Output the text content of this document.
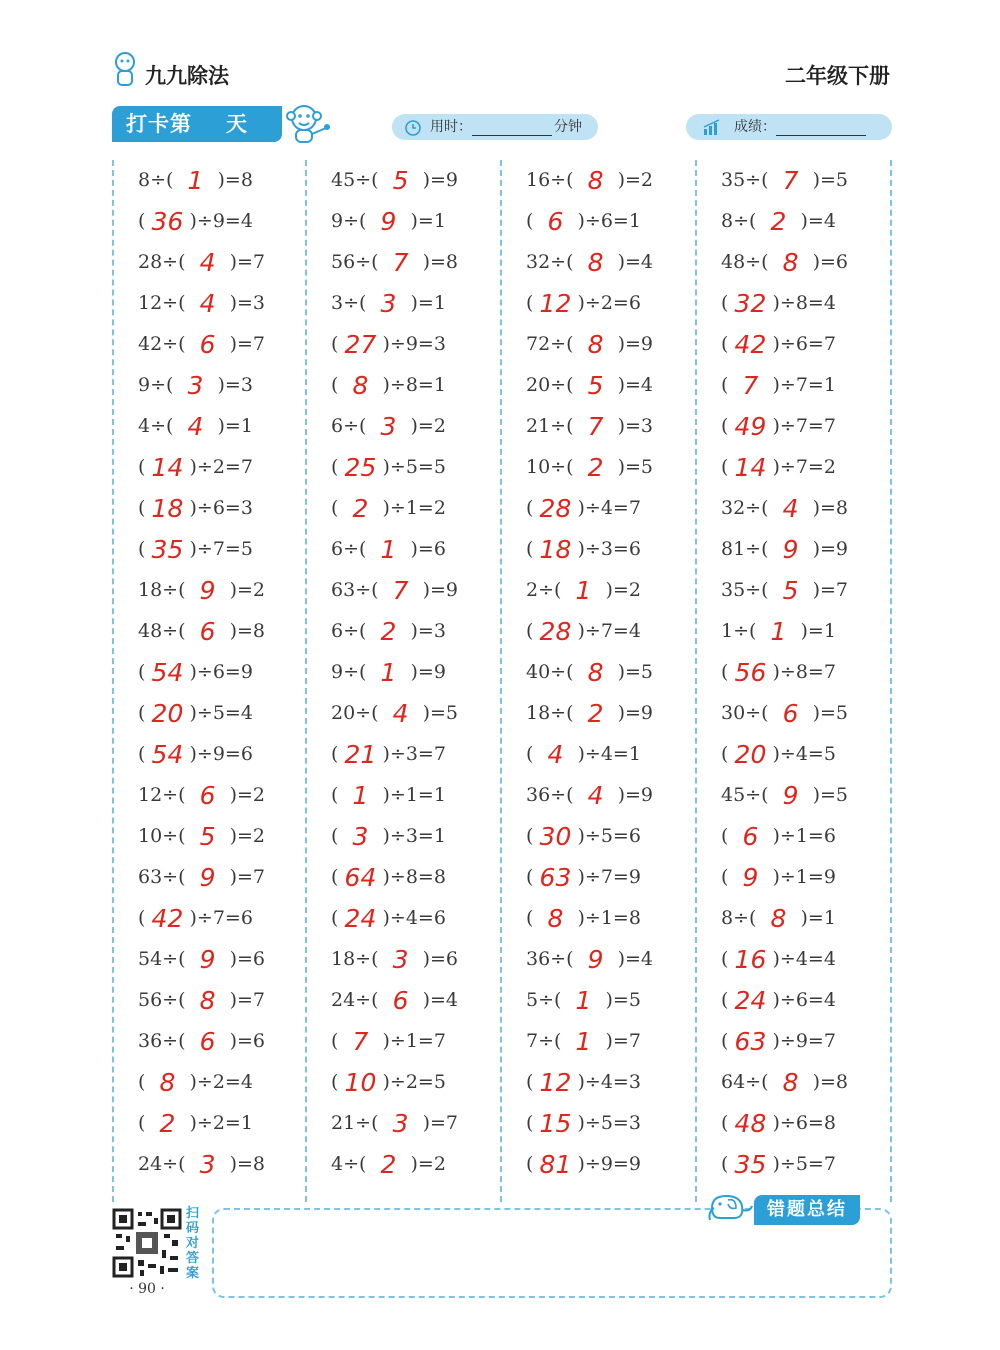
九九除法	二年级下册
打卡第 天	用时：	分钟	成绩：
8÷( 1 )=8
( 36 )÷9=4
28÷( 4 )=7
12÷( 4 )=3
42÷( 6 )=7
9÷( 3 )=3
4÷( 4 )=1
( 14 )÷2=7
( 18 )÷6=3
( 35 )÷7=5
18÷( 9 )=2
48÷( 6 )=8
( 54 )÷6=9
( 20 )÷5=4
( 54 )÷9=6
12÷( 6 )=2
10÷( 5 )=2
63÷( 9 )=7
( 42 )÷7=6
54÷( 9 )=6
56÷( 8 )=7
36÷( 6 )=6
( 8 )÷2=4
( 2 )÷2=1
24÷( 3 )=8
45÷( 5 )=9
9÷( 9 )=1
56÷( 7 )=8
3÷( 3 )=1
( 27 )÷9=3
( 8 )÷8=1
6÷( 3 )=2
( 25 )÷5=5
( 2 )÷1=2
6÷( 1 )=6
63÷( 7 )=9
6÷( 2 )=3
9÷( 1 )=9
20÷( 4 )=5
( 21 )÷3=7
( 1 )÷1=1
( 3 )÷3=1
( 64 )÷8=8
( 24 )÷4=6
18÷( 3 )=6
24÷( 6 )=4
( 7 )÷1=7
( 10 )÷2=5
21÷( 3 )=7
4÷( 2 )=2
16÷( 8 )=2
( 6 )÷6=1
32÷( 8 )=4
( 12 )÷2=6
72÷( 8 )=9
20÷( 5 )=4
21÷( 7 )=3
10÷( 2 )=5
( 28 )÷4=7
( 18 )÷3=6
2÷( 1 )=2
( 28 )÷7=4
40÷( 8 )=5
18÷( 2 )=9
( 4 )÷4=1
36÷( 4 )=9
( 30 )÷5=6
( 63 )÷7=9
( 8 )÷1=8
36÷( 9 )=4
5÷( 1 )=5
7÷( 1 )=7
( 12 )÷4=3
( 15 )÷5=3
( 81 )÷9=9
35÷( 7 )=5
8÷( 2 )=4
48÷( 8 )=6
( 32 )÷8=4
( 42 )÷6=7
( 7 )÷7=1
( 49 )÷7=7
( 14 )÷7=2
32÷( 4 )=8
81÷( 9 )=9
35÷( 5 )=7
1÷( 1 )=1
( 56 )÷8=7
30÷( 6 )=5
( 20 )÷4=5
45÷( 9 )=5
( 6 )÷1=6
( 9 )÷1=9
8÷( 8 )=1
( 16 )÷4=4
( 24 )÷6=4
( 63 )÷9=7
64÷( 8 )=8
( 48 )÷6=8
( 35 )÷5=7
扫码对答案
· 90 ·
错题总结
